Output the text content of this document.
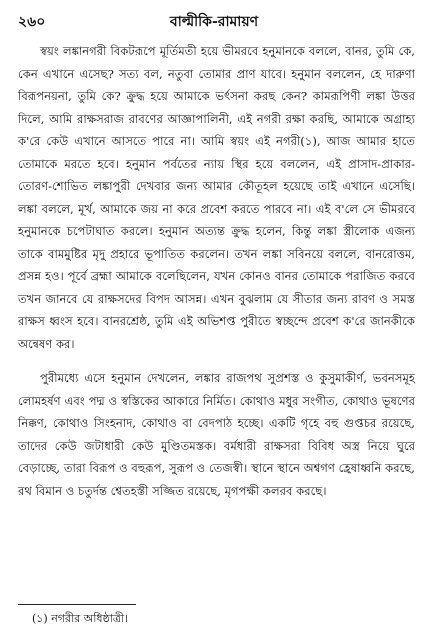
২৬০	বাল্মীকি-রামায়ণ

স্বয়ং লঙ্কানগরী বিকটরূপে মূর্তিমতী হয়ে ভীমরবে হনুমানকে বললে, বানর, তুমি কে, কেন এখানে এসেছ? সত্য বল, নতুবা তোমার প্রাণ যাবে। হনুমান বললেন, হে দারুণা বিরূপনয়না, তুমি কে? ক্রুদ্ধ হয়ে আমাকে ভর্ৎসনা করছ কেন? কামরূপিণী লঙ্কা উত্তর দিলে, আমি রাক্ষসরাজ রাবণের আজ্ঞাপালিনী, এই নগরী রক্ষা করছি, আমাকে অগ্রাহ্য ক'রে কেউ এখানে আসতে পারে না। আমি স্বয়ং এই নগরী(১), আজ আমার হাতে তোমাকে মরতে হবে। হনুমান পর্বতের ন্যায় স্থির হয়ে বললেন, এই প্রাসাদ-প্রাকার-তোরণ-শোভিত লঙ্কাপুরী দেখবার জন্য আমার কৌতূহল হয়েছে তাই এখানে এসেছি। লঙ্কা বললে, মূর্খ, আমাকে জয় না করে প্রবেশ করতে পারবে না। এই ব'লে সে ভীমরবে হনুমানকে চপেটাঘাত করলে। হনুমান অত্যন্ত ক্রুদ্ধ হলেন, কিন্তু লঙ্কা স্ত্রীলোক এজন্য তাকে বামমুষ্টির মৃদু প্রহারে ভূপাতিত করলেন। তখন লঙ্কা সবিনয়ে বললে, বানরোত্তম, প্রসন্ন হও। পূর্বে ব্রহ্মা আমাকে বলেছিলেন, যখন কোনও বানর তোমাকে পরাজিত করবে তখন জানবে যে রাক্ষসদের বিপদ আসন্ন। এখন বুঝলাম যে সীতার জন্য রাবণ ও সমস্ত রাক্ষস ধ্বংস হবে। বানরশ্রেষ্ঠ, তুমি এই অভিশপ্ত পুরীতে স্বচ্ছন্দে প্রবেশ ক'রে জানকীকে অন্বেষণ কর।

পুরীমধ্যে এসে হনুমান দেখলেন, লঙ্কার রাজপথ সুপ্রশস্ত ও কুসুমাকীর্ণ, ভবনসমূহ লোমহর্ষণ এবং পদ্ম ও স্বস্তিকের আকারে নির্মিত। কোথাও মধুর সংগীত, কোথাও ভূষণের নিক্কণ, কোথাও সিংহনাদ, কোথাও বা বেদপাঠ হচ্ছে। একটি গৃহে বহু গুপ্তচর রয়েছে, তাদের কেউ জটাধারী কেউ মুণ্ডিতমস্তক। বর্মধারী রাক্ষসরা বিবিধ অস্ত্র নিয়ে ঘুরে বেড়াচ্ছে, তারা বিরূপ ও বহুরূপ, সুরূপ ও তেজস্বী। স্থানে স্থানে অশ্বগণ হ্রেষাধ্বনি করছে, রথ বিমান ও চতুর্দন্ত শ্বেতহস্তী সজ্জিত রয়েছে, মৃগপক্ষী কলরব করছে।

(১) নগরীর অধিষ্ঠাত্রী।
